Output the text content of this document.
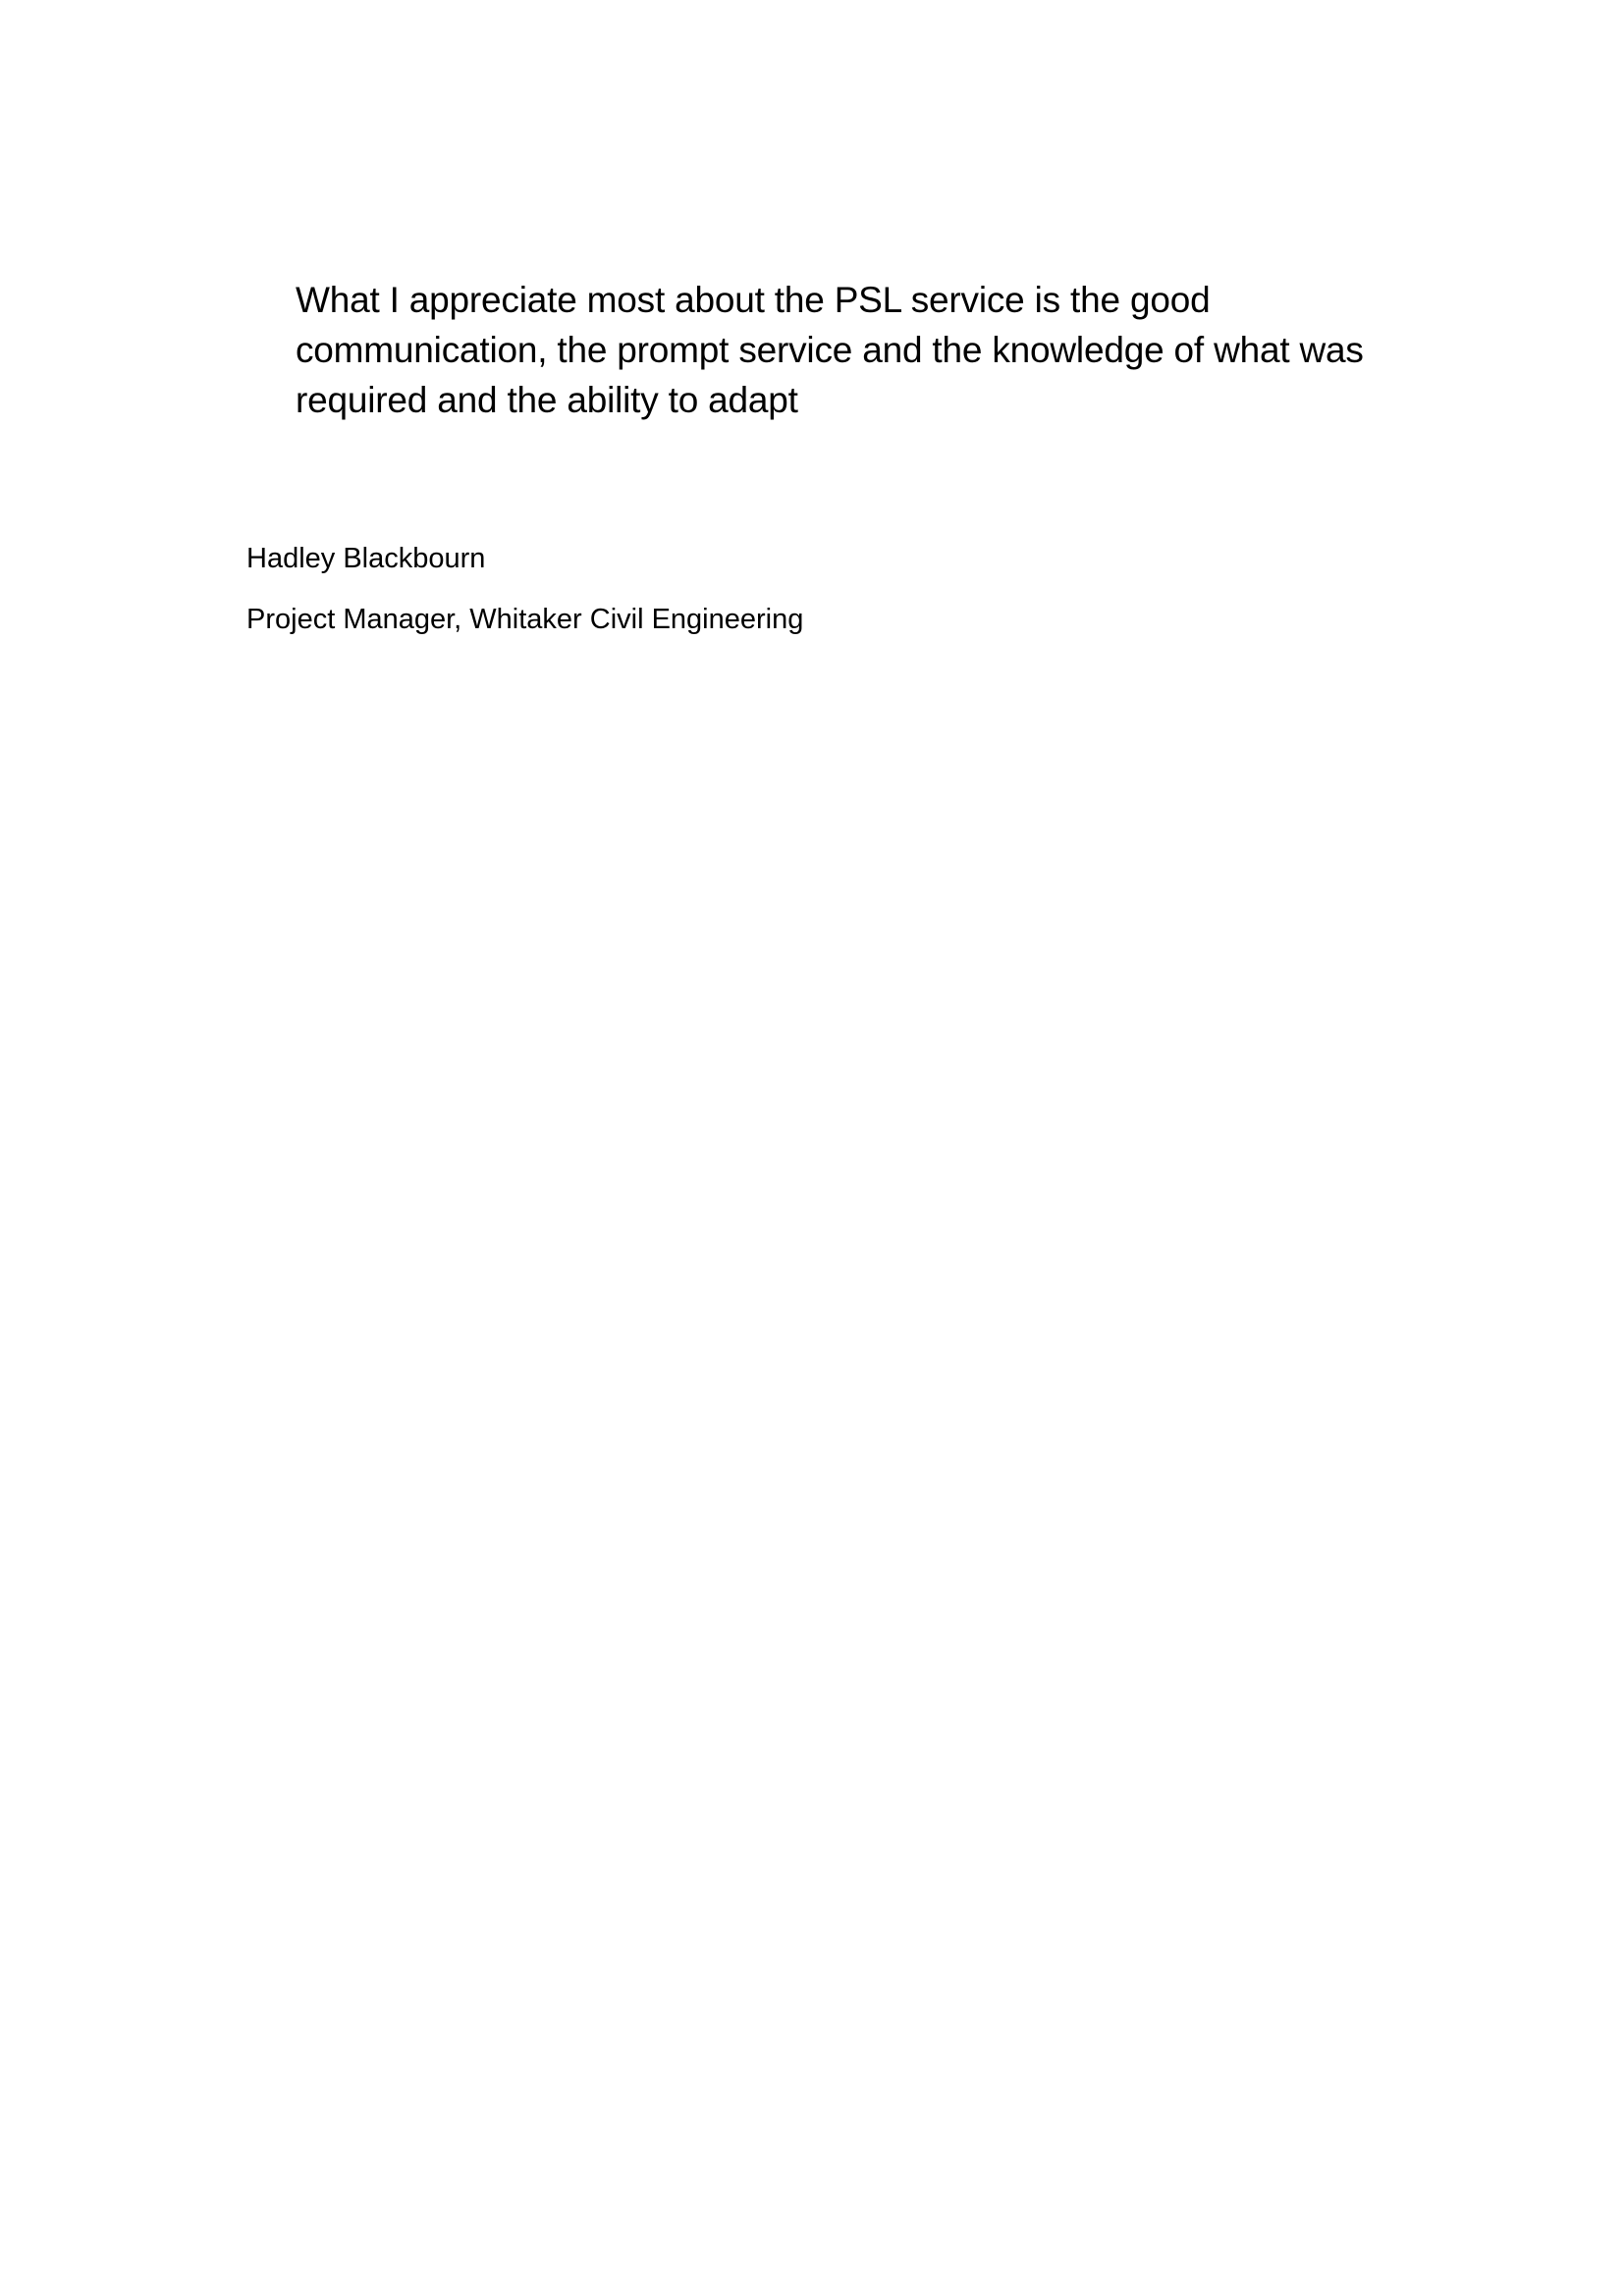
What I appreciate most about the PSL service is the good
communication, the prompt service and the knowledge of what was
required and the ability to adapt

Hadley Blackbourn

Project Manager, Whitaker Civil Engineering
